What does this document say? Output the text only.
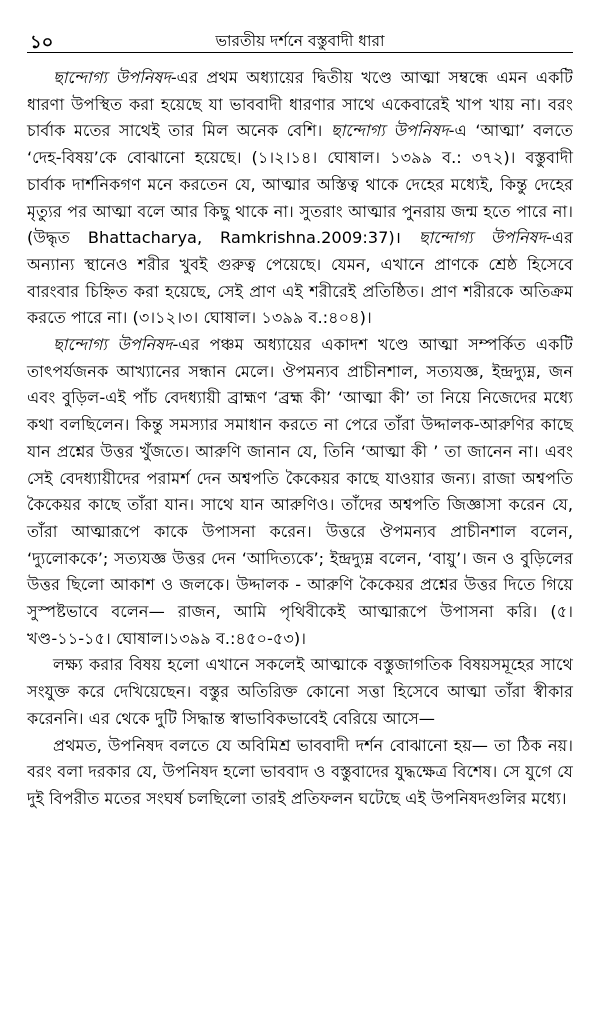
১০	ভারতীয় দর্শনে বস্তুবাদী ধারা

ছান্দোগ্য উপনিষদ-এর প্রথম অধ্যায়ের দ্বিতীয় খণ্ডে আত্মা সম্বন্ধে এমন একটি ধারণা উপস্থিত করা হয়েছে যা ভাববাদী ধারণার সাথে একেবারেই খাপ খায় না। বরং চার্বাক মতের সাথেই তার মিল অনেক বেশি। ছান্দোগ্য উপনিষদ-এ ‘আত্মা’ বলতে ‘দেহ-বিষয়’কে বোঝানো হয়েছে। (১।২।১৪। ঘোষাল। ১৩৯৯ ব.: ৩৭২)। বস্তুবাদী চার্বাক দার্শনিকগণ মনে করতেন যে, আত্মার অস্তিত্ব থাকে দেহের মধ্যেই, কিন্তু দেহের মৃত্যুর পর আত্মা বলে আর কিছু থাকে না। সুতরাং আত্মার পুনরায় জন্ম হতে পারে না। (উদ্ধৃত Bhattacharya, Ramkrishna.2009:37)। ছান্দোগ্য উপনিষদ-এর অন্যান্য স্থানেও শরীর খুবই গুরুত্ব পেয়েছে। যেমন, এখানে প্রাণকে শ্রেষ্ঠ হিসেবে বারংবার চিহ্নিত করা হয়েছে, সেই প্রাণ এই শরীরেই প্রতিষ্ঠিত। প্রাণ শরীরকে অতিক্রম করতে পারে না। (৩।১২।৩। ঘোষাল। ১৩৯৯ ব.:৪০৪)।

ছান্দোগ্য উপনিষদ-এর পঞ্চম অধ্যায়ের একাদশ খণ্ডে আত্মা সম্পর্কিত একটি তাৎপর্যজনক আখ্যানের সন্ধান মেলে। ঔপমন্যব প্রাচীনশাল, সত্যযজ্ঞ, ইন্দ্রদ্যুম্ন, জন এবং বুড়িল-এই পাঁচ বেদধ্যায়ী ব্রাহ্মণ ‘ব্রহ্ম কী’ ‘আত্মা কী’ তা নিয়ে নিজেদের মধ্যে কথা বলছিলেন। কিন্তু সমস্যার সমাধান করতে না পেরে তাঁরা উদ্দালক-আরুণির কাছে যান প্রশ্নের উত্তর খুঁজতে। আরুণি জানান যে, তিনি ‘আত্মা কী ’ তা জানেন না। এবং সেই বেদধ্যায়ীদের পরামর্শ দেন অশ্বপতি কৈকেয়র কাছে যাওয়ার জন্য। রাজা অশ্বপতি কৈকেয়র কাছে তাঁরা যান। সাথে যান আরুণিও। তাঁদের অশ্বপতি জিজ্ঞাসা করেন যে, তাঁরা আত্মারূপে কাকে উপাসনা করেন। উত্তরে ঔপমন্যব প্রাচীনশাল বলেন, ‘দ্যুলোককে’; সত্যযজ্ঞ উত্তর দেন ‘আদিত্যকে’; ইন্দ্রদ্যুম্ন বলেন, ‘বায়ু’। জন ও বুড়িলের উত্তর ছিলো আকাশ ও জলকে। উদ্দালক - আরুণি কৈকেয়র প্রশ্নের উত্তর দিতে গিয়ে সুস্পষ্টভাবে বলেন— রাজন, আমি পৃথিবীকেই আত্মারূপে উপাসনা করি। (৫।খণ্ড-১১-১৫। ঘোষাল।১৩৯৯ ব.:৪৫০-৫৩)।

লক্ষ্য করার বিষয় হলো এখানে সকলেই আত্মাকে বস্তুজাগতিক বিষয়সমূহের সাথে সংযুক্ত করে দেখিয়েছেন। বস্তুর অতিরিক্ত কোনো সত্তা হিসেবে আত্মা তাঁরা স্বীকার করেননি। এর থেকে দুটি সিদ্ধান্ত স্বাভাবিকভাবেই বেরিয়ে আসে—

প্রথমত, উপনিষদ বলতে যে অবিমিশ্র ভাববাদী দর্শন বোঝানো হয়— তা ঠিক নয়। বরং বলা দরকার যে, উপনিষদ হলো ভাববাদ ও বস্তুবাদের যুদ্ধক্ষেত্র বিশেষ। সে যুগে যে দুই বিপরীত মতের সংঘর্ষ চলছিলো তারই প্রতিফলন ঘটেছে এই উপনিষদগুলির মধ্যে।
